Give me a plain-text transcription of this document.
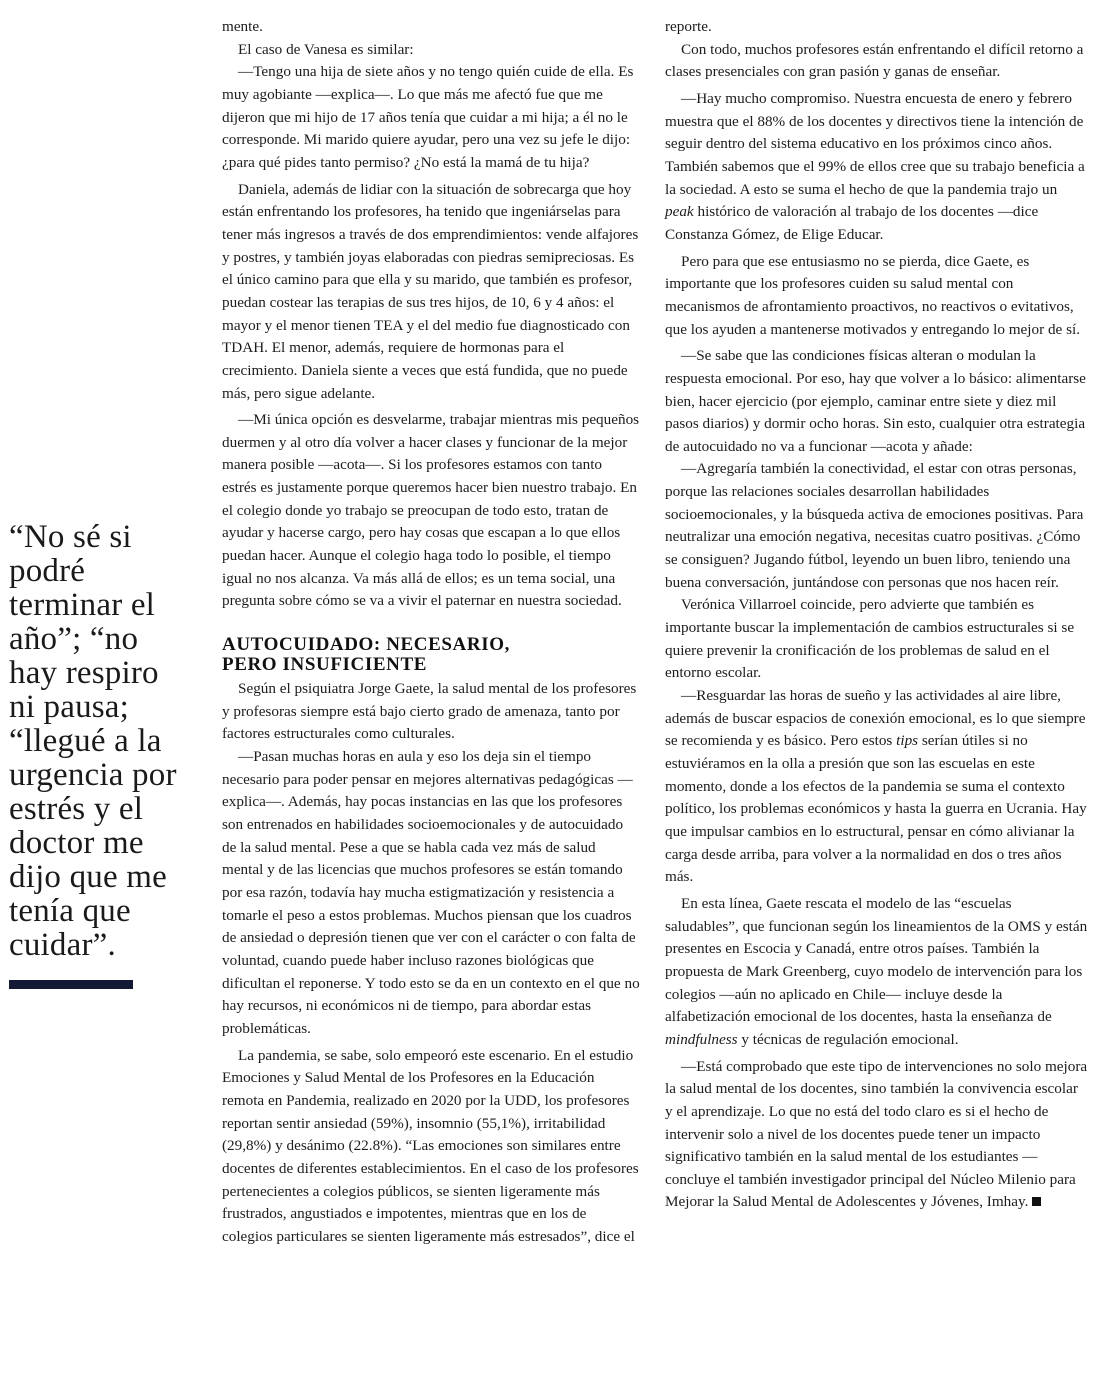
“No sé si
podré
terminar el
año”; “no
hay respiro
ni pausa;
“llegué a la
urgencia por
estrés y el
doctor me
dijo que me
tenía que
cuidar”.

mente.

El caso de Vanesa es similar:

—Tengo una hija de siete años y no tengo quién cuide de ella. Es muy agobiante —explica—. Lo que más me afectó fue que me dijeron que mi hijo de 17 años tenía que cuidar a mi hija; a él no le corresponde. Mi marido quiere ayudar, pero una vez su jefe le dijo: ¿para qué pides tanto permiso? ¿No está la mamá de tu hija?

Daniela, además de lidiar con la situación de sobrecarga que hoy están enfrentando los profesores, ha tenido que ingeniárselas para tener más ingresos a través de dos emprendimientos: vende alfajores y postres, y también joyas elaboradas con piedras semipreciosas. Es el único camino para que ella y su marido, que también es profesor, puedan costear las terapias de sus tres hijos, de 10, 6 y 4 años: el mayor y el menor tienen TEA y el del medio fue diagnosticado con TDAH. El menor, además, requiere de hormonas para el crecimiento. Daniela siente a veces que está fundida, que no puede más, pero sigue adelante.

—Mi única opción es desvelarme, trabajar mientras mis pequeños duermen y al otro día volver a hacer clases y funcionar de la mejor manera posible —acota—. Si los profesores estamos con tanto estrés es justamente porque queremos hacer bien nuestro trabajo. En el colegio donde yo trabajo se preocupan de todo esto, tratan de ayudar y hacerse cargo, pero hay cosas que escapan a lo que ellos puedan hacer. Aunque el colegio haga todo lo posible, el tiempo igual no nos alcanza. Va más allá de ellos; es un tema social, una pregunta sobre cómo se va a vivir el paternar en nuestra sociedad.

AUTOCUIDADO: NECESARIO,
PERO INSUFICIENTE

Según el psiquiatra Jorge Gaete, la salud mental de los profesores y profesoras siempre está bajo cierto grado de amenaza, tanto por factores estructurales como culturales.

—Pasan muchas horas en aula y eso los deja sin el tiempo necesario para poder pensar en mejores alternativas pedagógicas —explica—. Además, hay pocas instancias en las que los profesores son entrenados en habilidades socioemocionales y de autocuidado de la salud mental. Pese a que se habla cada vez más de salud mental y de las licencias que muchos profesores se están tomando por esa razón, todavía hay mucha estigmatización y resistencia a tomarle el peso a estos problemas. Muchos piensan que los cuadros de ansiedad o depresión tienen que ver con el carácter o con falta de voluntad, cuando puede haber incluso razones biológicas que dificultan el reponerse. Y todo esto se da en un contexto en el que no hay recursos, ni económicos ni de tiempo, para abordar estas problemáticas.

La pandemia, se sabe, solo empeoró este escenario. En el estudio Emociones y Salud Mental de los Profesores en la Educación remota en Pandemia, realizado en 2020 por la UDD, los profesores reportan sentir ansiedad (59%), insomnio (55,1%), irritabilidad (29,8%) y desánimo (22.8%). “Las emociones son similares entre docentes de diferentes establecimientos. En el caso de los profesores pertenecientes a colegios públicos, se sienten ligeramente más frustrados, angustiados e impotentes, mientras que en los de colegios particulares se sienten ligeramente más estresados”, dice el

reporte.

Con todo, muchos profesores están enfrentando el difícil retorno a clases presenciales con gran pasión y ganas de enseñar.

—Hay mucho compromiso. Nuestra encuesta de enero y febrero muestra que el 88% de los docentes y directivos tiene la intención de seguir dentro del sistema educativo en los próximos cinco años. También sabemos que el 99% de ellos cree que su trabajo beneficia a la sociedad. A esto se suma el hecho de que la pandemia trajo un peak histórico de valoración al trabajo de los docentes —dice Constanza Gómez, de Elige Educar.

Pero para que ese entusiasmo no se pierda, dice Gaete, es importante que los profesores cuiden su salud mental con mecanismos de afrontamiento proactivos, no reactivos o evitativos, que los ayuden a mantenerse motivados y entregando lo mejor de sí.

—Se sabe que las condiciones físicas alteran o modulan la respuesta emocional. Por eso, hay que volver a lo básico: alimentarse bien, hacer ejercicio (por ejemplo, caminar entre siete y diez mil pasos diarios) y dormir ocho horas. Sin esto, cualquier otra estrategia de autocuidado no va a funcionar —acota y añade:

—Agregaría también la conectividad, el estar con otras personas, porque las relaciones sociales desarrollan habilidades socioemocionales, y la búsqueda activa de emociones positivas. Para neutralizar una emoción negativa, necesitas cuatro positivas. ¿Cómo se consiguen? Jugando fútbol, leyendo un buen libro, teniendo una buena conversación, juntándose con personas que nos hacen reír.

Verónica Villarroel coincide, pero advierte que también es importante buscar la implementación de cambios estructurales si se quiere prevenir la cronificación de los problemas de salud en el entorno escolar.

—Resguardar las horas de sueño y las actividades al aire libre, además de buscar espacios de conexión emocional, es lo que siempre se recomienda y es básico. Pero estos tips serían útiles si no estuviéramos en la olla a presión que son las escuelas en este momento, donde a los efectos de la pandemia se suma el contexto político, los problemas económicos y hasta la guerra en Ucrania. Hay que impulsar cambios en lo estructural, pensar en cómo alivianar la carga desde arriba, para volver a la normalidad en dos o tres años más.

En esta línea, Gaete rescata el modelo de las “escuelas saludables”, que funcionan según los lineamientos de la OMS y están presentes en Escocia y Canadá, entre otros países. También la propuesta de Mark Greenberg, cuyo modelo de intervención para los colegios —aún no aplicado en Chile— incluye desde la alfabetización emocional de los docentes, hasta la enseñanza de mindfulness y técnicas de regulación emocional.

—Está comprobado que este tipo de intervenciones no solo mejora la salud mental de los docentes, sino también la convivencia escolar y el aprendizaje. Lo que no está del todo claro es si el hecho de intervenir solo a nivel de los docentes puede tener un impacto significativo también en la salud mental de los estudiantes —concluye el también investigador principal del Núcleo Milenio para Mejorar la Salud Mental de Adolescentes y Jóvenes, Imhay.
